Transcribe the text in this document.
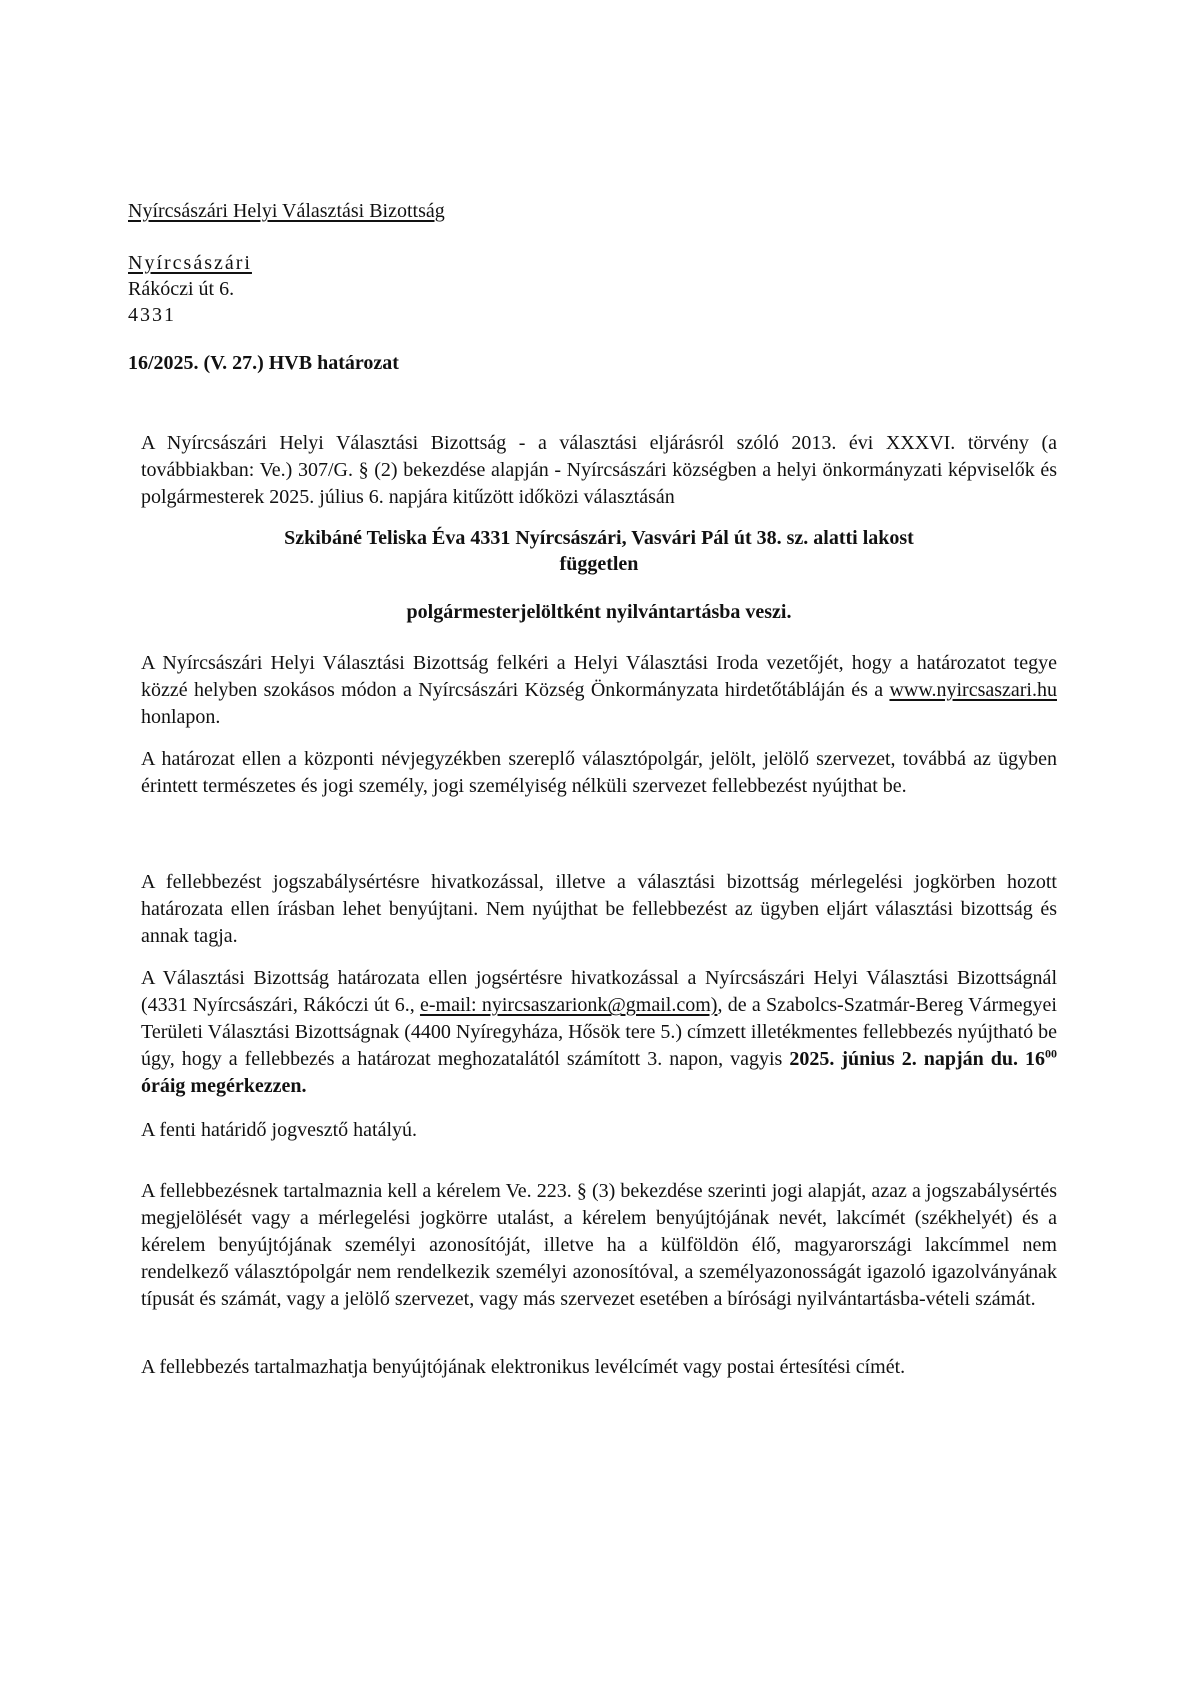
Nyírcsászári Helyi Választási Bizottság
Nyírcsászári
Rákóczi út 6.
4331
16/2025. (V. 27.) HVB határozat

A Nyírcsászári Helyi Választási Bizottság - a választási eljárásról szóló 2013. évi XXXVI. törvény (a továbbiakban: Ve.) 307/G. § (2) bekezdése alapján - Nyírcsászári községben a helyi önkormányzati képviselők és polgármesterek 2025. július 6. napjára kitűzött időközi választásán

Szkibáné Teliska Éva 4331 Nyírcsászári, Vasvári Pál út 38. sz. alatti lakost
független
polgármesterjelöltként nyilvántartásba veszi.

A Nyírcsászári Helyi Választási Bizottság felkéri a Helyi Választási Iroda vezetőjét, hogy a határozatot tegye közzé helyben szokásos módon a Nyírcsászári Község Önkormányzata hirdetőtábláján és a www.nyircsaszari.hu honlapon.

A határozat ellen a központi névjegyzékben szereplő választópolgár, jelölt, jelölő szervezet, továbbá az ügyben érintett természetes és jogi személy, jogi személyiség nélküli szervezet fellebbezést nyújthat be.

A fellebbezést jogszabálysértésre hivatkozással, illetve a választási bizottság mérlegelési jogkörben hozott határozata ellen írásban lehet benyújtani. Nem nyújthat be fellebbezést az ügyben eljárt választási bizottság és annak tagja.

A Választási Bizottság határozata ellen jogsértésre hivatkozással a Nyírcsászári Helyi Választási Bizottságnál (4331 Nyírcsászári, Rákóczi út 6., e-mail: nyircsaszarionk@gmail.com), de a Szabolcs-Szatmár-Bereg Vármegyei Területi Választási Bizottságnak (4400 Nyíregyháza, Hősök tere 5.) címzett illetékmentes fellebbezés nyújtható be úgy, hogy a fellebbezés a határozat meghozatalától számított 3. napon, vagyis 2025. június 2. napján du. $16^{00}$ óráig megérkezzen.

A fenti határidő jogvesztő hatályú.

A fellebbezésnek tartalmaznia kell a kérelem Ve. 223. § (3) bekezdése szerinti jogi alapját, azaz a jogszabálysértés megjelölését vagy a mérlegelési jogkörre utalást, a kérelem benyújtójának nevét, lakcímét (székhelyét) és a kérelem benyújtójának személyi azonosítóját, illetve ha a külföldön élő, magyarországi lakcímmel nem rendelkező választópolgár nem rendelkezik személyi azonosítóval, a személyazonosságát igazoló igazolványának típusát és számát, vagy a jelölő szervezet, vagy más szervezet esetében a bírósági nyilvántartásba-vételi számát.

A fellebbezés tartalmazhatja benyújtójának elektronikus levélcímét vagy postai értesítési címét.
